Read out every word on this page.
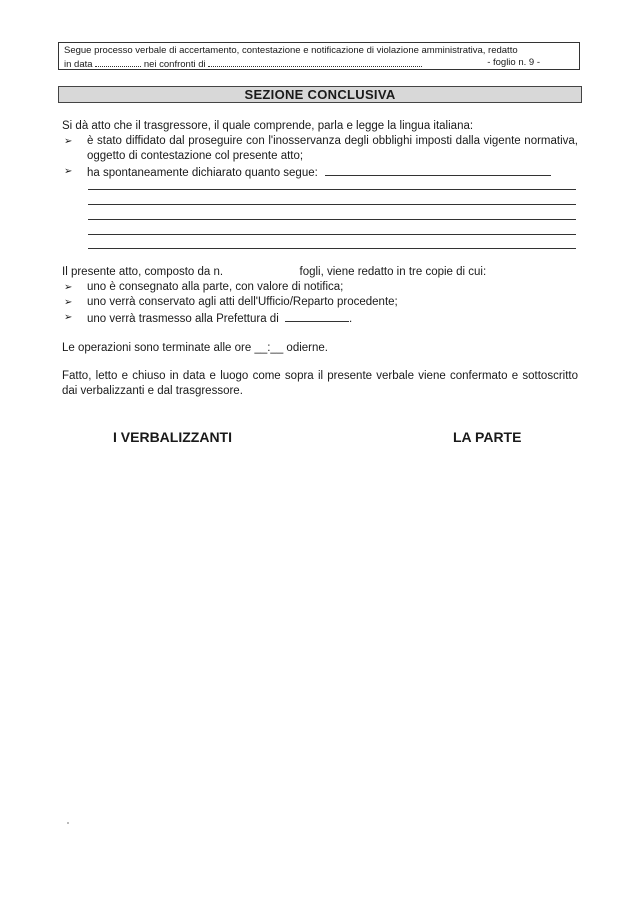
Segue processo verbale di accertamento, contestazione e notificazione di violazione amministrativa, redatto
in data	nei confronti di	- foglio n. 9 -
SEZIONE CONCLUSIVA
Si dà atto che il trasgressore, il quale comprende, parla e legge la lingua italiana:
➢ è stato diffidato dal proseguire con l'inosservanza degli obblighi imposti dalla vigente normativa, oggetto di contestazione col presente atto;
➢ ha spontaneamente dichiarato quanto segue:
Il presente atto, composto da n.	fogli, viene redatto in tre copie di cui:
➢ uno è consegnato alla parte, con valore di notifica;
➢ uno verrà conservato agli atti dell'Ufficio/Reparto procedente;
➢ uno verrà trasmesso alla Prefettura di	.
Le operazioni sono terminate alle ore __:__ odierne.
Fatto, letto e chiuso in data e luogo come sopra il presente verbale viene confermato e sottoscritto dai verbalizzanti e dal trasgressore.
I VERBALIZZANTI	LA PARTE
